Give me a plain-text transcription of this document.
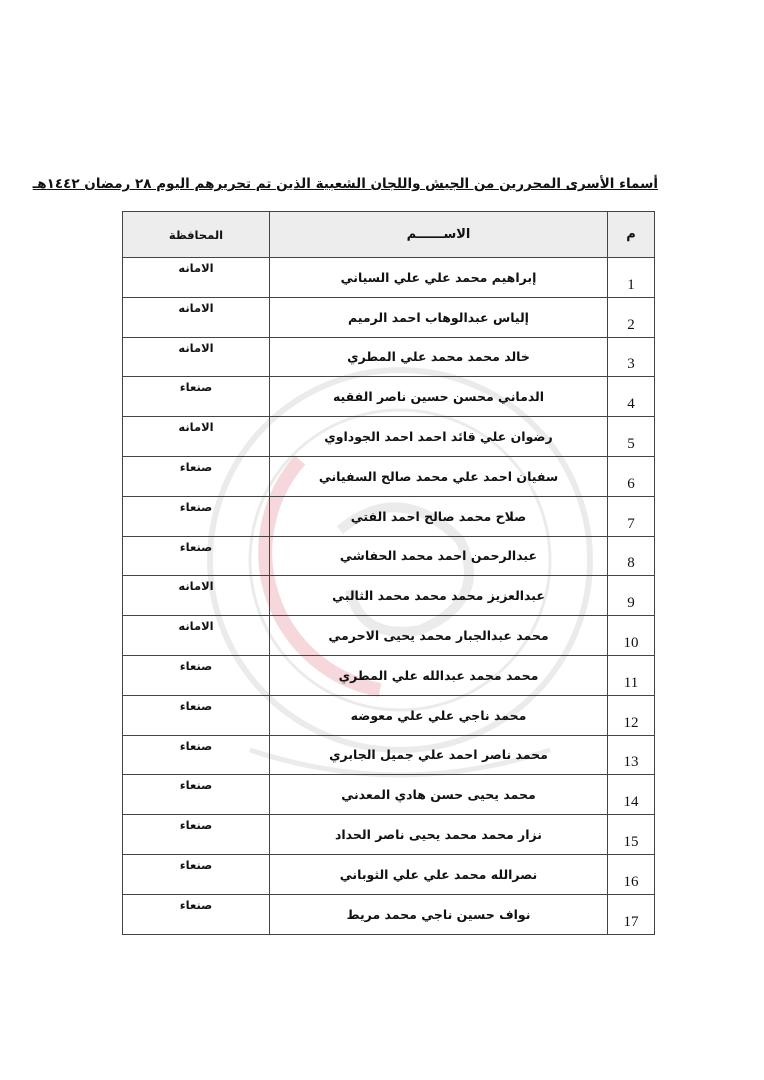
أسماء الأسرى المحررين من الجيش واللجان الشعبية الذين تم تحريرهم اليوم ٢٨ رمضان ١٤٤٢هـ
م	الاســــــم	المحافظة
1	إبراهيم محمد علي علي السياني	الامانه
2	إلياس عبدالوهاب احمد الرميم	الامانه
3	خالد محمد محمد علي المطري	الامانه
4	الدماني محسن حسين ناصر الفقيه	صنعاء
5	رضوان علي قائد احمد احمد الجوداوي	الامانه
6	سفيان احمد علي محمد صالح السفياني	صنعاء
7	صلاح محمد صالح احمد الفتي	صنعاء
8	عبدالرحمن احمد محمد الحفاشي	صنعاء
9	عبدالعزيز محمد محمد محمد الثالبي	الامانه
10	محمد عبدالجبار محمد يحيى الاحرمي	الامانه
11	محمد محمد عبدالله علي المطري	صنعاء
12	محمد ناجي علي علي معوضه	صنعاء
13	محمد ناصر احمد علي جميل الجابري	صنعاء
14	محمد يحيى حسن هادي المعدني	صنعاء
15	نزار محمد محمد يحيى ناصر الحداد	صنعاء
16	نصرالله محمد علي علي الثوباني	صنعاء
17	نواف حسين ناجي محمد مريط	صنعاء
